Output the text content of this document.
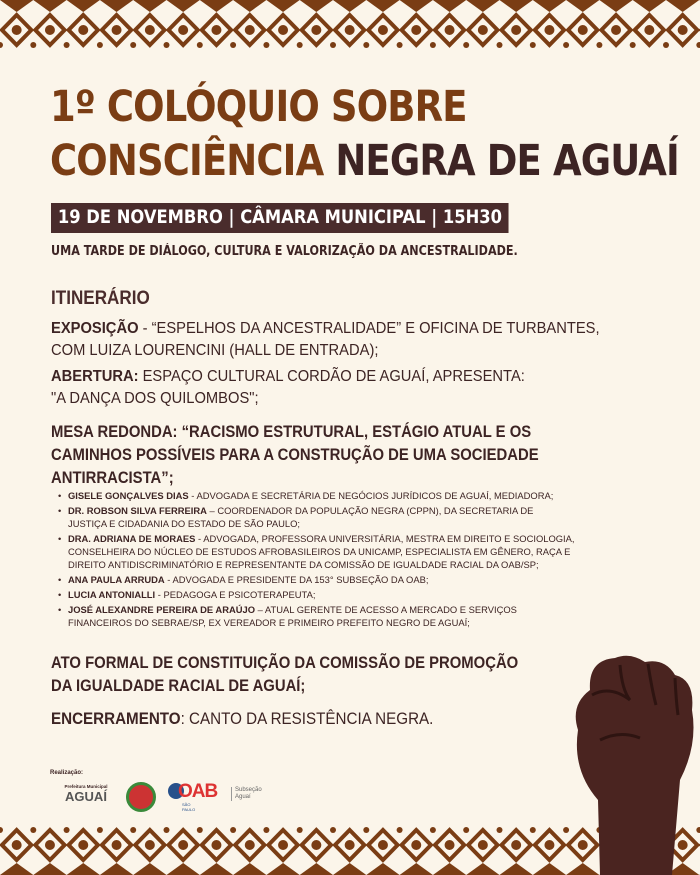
1º COLÓQUIO SOBRE
CONSCIÊNCIA NEGRA DE AGUAÍ
19 DE NOVEMBRO | CÂMARA MUNICIPAL | 15H30
UMA TARDE DE DIÁLOGO, CULTURA E VALORIZAÇÃO DA ANCESTRALIDADE.
ITINERÁRIO
EXPOSIÇÃO - “ESPELHOS DA ANCESTRALIDADE” E OFICINA DE TURBANTES,
COM LUIZA LOURENCINI (HALL DE ENTRADA);
ABERTURA: ESPAÇO CULTURAL CORDÃO DE AGUAÍ, APRESENTA:
"A DANÇA DOS QUILOMBOS";
MESA REDONDA: “RACISMO ESTRUTURAL, ESTÁGIO ATUAL E OS
CAMINHOS POSSÍVEIS PARA A CONSTRUÇÃO DE UMA SOCIEDADE
ANTIRRACISTA”;
• GISELE GONÇALVES DIAS - ADVOGADA E SECRETÁRIA DE NEGÓCIOS JURÍDICOS DE AGUAÍ, MEDIADORA;
• DR. ROBSON SILVA FERREIRA – COORDENADOR DA POPULAÇÃO NEGRA (CPPN), DA SECRETARIA DE
JUSTIÇA E CIDADANIA DO ESTADO DE SÃO PAULO;
• DRA. ADRIANA DE MORAES - ADVOGADA, PROFESSORA UNIVERSITÁRIA, MESTRA EM DIREITO E SOCIOLOGIA,
CONSELHEIRA DO NÚCLEO DE ESTUDOS AFROBASILEIROS DA UNICAMP, ESPECIALISTA EM GÊNERO, RAÇA E
DIREITO ANTIDISCRIMINATÓRIO E REPRESENTANTE DA COMISSÃO DE IGUALDADE RACIAL DA OAB/SP;
• ANA PAULA ARRUDA - ADVOGADA E PRESIDENTE DA 153° SUBSEÇÃO DA OAB;
• LUCIA ANTONIALLI - PEDAGOGA E PSICOTERAPEUTA;
• JOSÉ ALEXANDRE PEREIRA DE ARAÚJO – ATUAL GERENTE DE ACESSO A MERCADO E SERVIÇOS
FINANCEIROS DO SEBRAE/SP, EX VEREADOR E PRIMEIRO PREFEITO NEGRO DE AGUAÍ;
ATO FORMAL DE CONSTITUIÇÃO DA COMISSÃO DE PROMOÇÃO
DA IGUALDADE RACIAL DE AGUAÍ;
ENCERRAMENTO: CANTO DA RESISTÊNCIA NEGRA.
Realização:
Prefeitura Municipal
AGUAÍ	OAB
SÃO PAULO
Subseção
Aguaí
